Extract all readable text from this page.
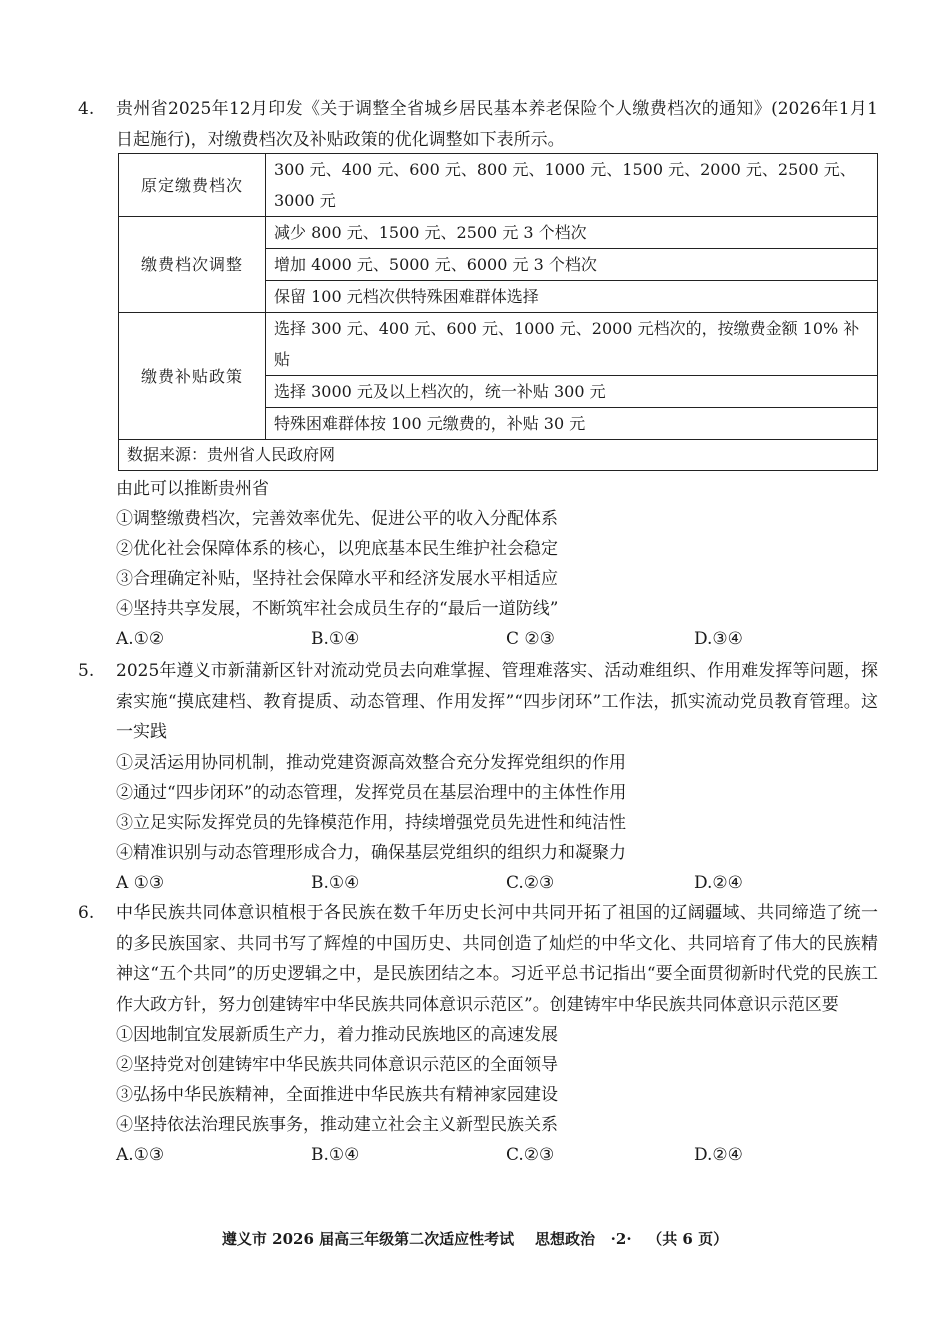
4. 贵州省2025年12月印发《关于调整全省城乡居民基本养老保险个人缴费档次的通知》(2026年1月1日起施行)，对缴费档次及补贴政策的优化调整如下表所示。
原定缴费档次	300 元、400 元、600 元、800 元、1000 元、1500 元、2000 元、2500 元、3000 元
缴费档次调整	减少 800 元、1500 元、2500 元 3 个档次
	增加 4000 元、5000 元、6000 元 3 个档次
	保留 100 元档次供特殊困难群体选择
缴费补贴政策	选择 300 元、400 元、600 元、1000 元、2000 元档次的，按缴费金额 10% 补贴
	选择 3000 元及以上档次的，统一补贴 300 元
	特殊困难群体按 100 元缴费的，补贴 30 元
数据来源：贵州省人民政府网	
由此可以推断贵州省
①调整缴费档次，完善效率优先、促进公平的收入分配体系
②优化社会保障体系的核心，以兜底基本民生维护社会稳定
③合理确定补贴，坚持社会保障水平和经济发展水平相适应
④坚持共享发展，不断筑牢社会成员生存的“最后一道防线”
A.①②	B.①④	C ②③	D.③④
5. 2025年遵义市新蒲新区针对流动党员去向难掌握、管理难落实、活动难组织、作用难发挥等问题，探索实施“摸底建档、教育提质、动态管理、作用发挥”“四步闭环”工作法，抓实流动党员教育管理。这一实践
①灵活运用协同机制，推动党建资源高效整合充分发挥党组织的作用
②通过“四步闭环”的动态管理，发挥党员在基层治理中的主体性作用
③立足实际发挥党员的先锋模范作用，持续增强党员先进性和纯洁性
④精准识别与动态管理形成合力，确保基层党组织的组织力和凝聚力
A ①③	B.①④	C.②③	D.②④
6. 中华民族共同体意识植根于各民族在数千年历史长河中共同开拓了祖国的辽阔疆域、共同缔造了统一的多民族国家、共同书写了辉煌的中国历史、共同创造了灿烂的中华文化、共同培育了伟大的民族精神这“五个共同”的历史逻辑之中，是民族团结之本。习近平总书记指出“要全面贯彻新时代党的民族工作大政方针，努力创建铸牢中华民族共同体意识示范区”。创建铸牢中华民族共同体意识示范区要
①因地制宜发展新质生产力，着力推动民族地区的高速发展
②坚持党对创建铸牢中华民族共同体意识示范区的全面领导
③弘扬中华民族精神，全面推进中华民族共有精神家园建设
④坚持依法治理民族事务，推动建立社会主义新型民族关系
A.①③	B.①④	C.②③	D.②④
遵义市 2026 届高三年级第二次适应性考试    思想政治   ·2·   （共 6 页）
